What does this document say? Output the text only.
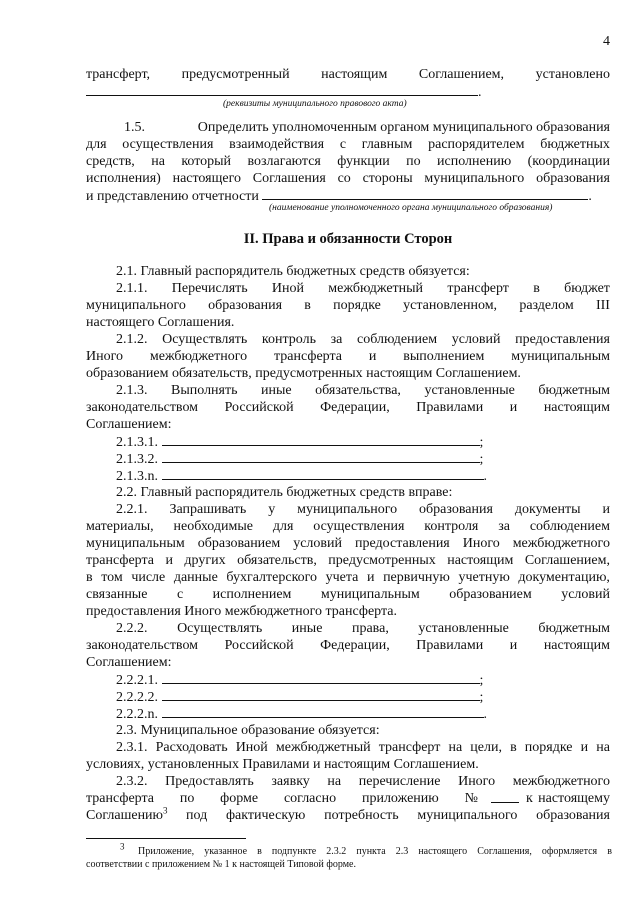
4
трансферт, предусмотренный настоящим Соглашением, установлено
.
(реквизиты муниципального правового акта)
1.5.	Определить уполномоченным органом муниципального образования
для осуществления взаимодействия с главным распорядителем бюджетных
средств, на который возлагаются функции по исполнению (координации
исполнения) настоящего Соглашения со стороны муниципального образования
и представлению отчетности	.
(наименование уполномоченного органа муниципального образования)
II. Права и обязанности Сторон
2.1. Главный распорядитель бюджетных средств обязуется:
2.1.1. Перечислять Иной межбюджетный трансферт в бюджет
муниципального образования в порядке установленном, разделом III
настоящего Соглашения.
2.1.2. Осуществлять контроль за соблюдением условий предоставления
Иного межбюджетного трансферта и выполнением муниципальным
образованием обязательств, предусмотренных настоящим Соглашением.
2.1.3. Выполнять иные обязательства, установленные бюджетным
законодательством Российской Федерации, Правилами и настоящим
Соглашением:
2.1.3.1.	;
2.1.3.2.	;
2.1.3.n.	.
2.2. Главный распорядитель бюджетных средств вправе:
2.2.1. Запрашивать у муниципального образования документы и
материалы, необходимые для осуществления контроля за соблюдением
муниципальным образованием условий предоставления Иного межбюджетного
трансферта и других обязательств, предусмотренных настоящим Соглашением,
в том числе данные бухгалтерского учета и первичную учетную документацию,
связанные с исполнением муниципальным образованием условий
предоставления Иного межбюджетного трансферта.
2.2.2. Осуществлять иные права, установленные бюджетным
законодательством Российской Федерации, Правилами и настоящим
Соглашением:
2.2.2.1.	;
2.2.2.2.	;
2.2.2.n.	.
2.3. Муниципальное образование обязуется:
2.3.1. Расходовать Иной межбюджетный трансферт на цели, в порядке и на
условиях, установленных Правилами и настоящим Соглашением.
2.3.2. Предоставлять заявку на перечисление Иного межбюджетного
трансферта по форме согласно приложению №	к настоящему
Соглашению$^3$ под фактическую потребность муниципального образования
$^3$ Приложение, указанное в подпункте 2.3.2 пункта 2.3 настоящего Соглашения, оформляется в
соответствии с приложением № 1 к настоящей Типовой форме.
